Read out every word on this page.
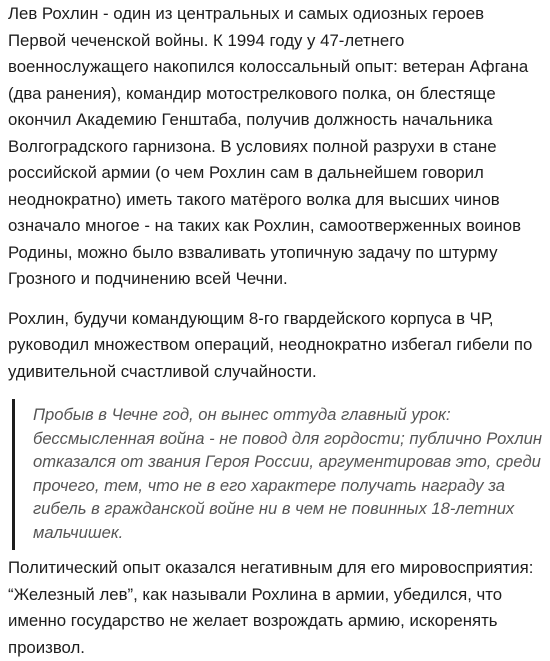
Лев Рохлин - один из центральных и самых одиозных героев Первой чеченской войны. К 1994 году у 47-летнего военнослужащего накопился колоссальный опыт: ветеран Афгана (два ранения), командир мотострелкового полка, он блестяще окончил Академию Генштаба, получив должность начальника Волгоградского гарнизона. В условиях полной разрухи в стане российской армии (о чем Рохлин сам в дальнейшем говорил неоднократно) иметь такого матёрого волка для высших чинов означало многое - на таких как Рохлин, самоотверженных воинов Родины, можно было взваливать утопичную задачу по штурму Грозного и подчинению всей Чечни.

Рохлин, будучи командующим 8-го гвардейского корпуса в ЧР, руководил множеством операций, неоднократно избегал гибели по удивительной счастливой случайности.

Пробыв в Чечне год, он вынес оттуда главный урок: бессмысленная война - не повод для гордости; публично Рохлин отказался от звания Героя России, аргументировав это, среди прочего, тем, что не в его характере получать награду за гибель в гражданской войне ни в чем не повинных 18-летних мальчишек.

Политический опыт оказался негативным для его мировосприятия: “Железный лев”, как называли Рохлина в армии, убедился, что именно государство не желает возрождать армию, искоренять произвол.
